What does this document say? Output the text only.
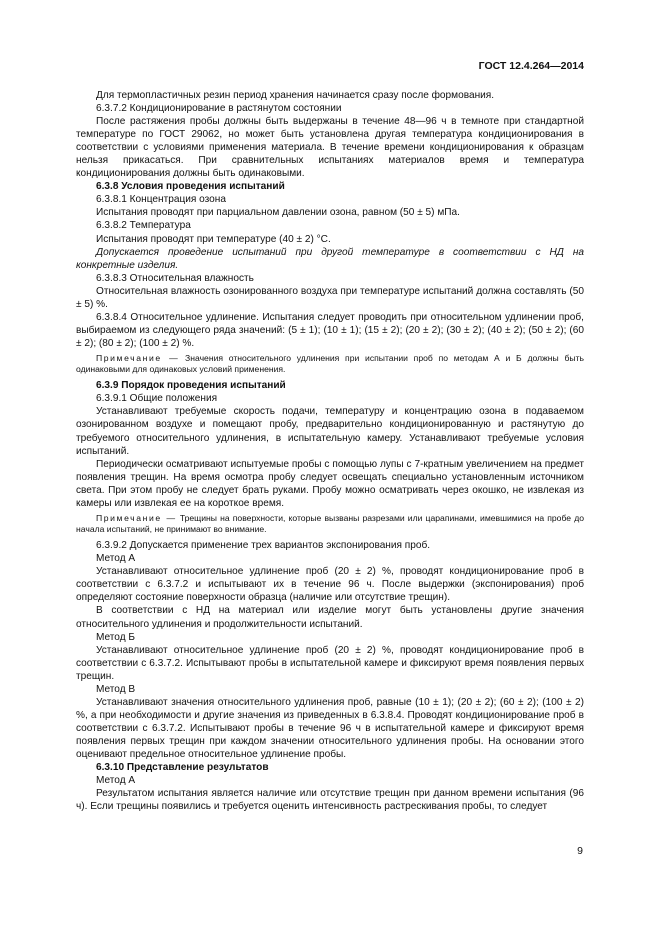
ГОСТ 12.4.264—2014

Для термопластичных резин период хранения начинается сразу после формования.

6.3.7.2 Кондиционирование в растянутом состоянии

После растяжения пробы должны быть выдержаны в течение 48—96 ч в темноте при стандартной температуре по ГОСТ 29062, но может быть установлена другая температура кондиционирования в соответствии с условиями применения материала. В течение времени кондиционирования к образцам нельзя прикасаться. При сравнительных испытаниях материалов время и температура кондиционирования должны быть одинаковыми.

6.3.8 Условия проведения испытаний

6.3.8.1 Концентрация озона

Испытания проводят при парциальном давлении озона, равном (50 ± 5) мПа.

6.3.8.2 Температура

Испытания проводят при температуре (40 ± 2) °С.

Допускается проведение испытаний при другой температуре в соответствии с НД на конкретные изделия.

6.3.8.3 Относительная влажность

Относительная влажность озонированного воздуха при температуре испытаний должна составлять (50 ± 5) %.

6.3.8.4 Относительное удлинение. Испытания следует проводить при относительном удлинении проб, выбираемом из следующего ряда значений: (5 ± 1); (10 ± 1); (15 ± 2); (20 ± 2); (30 ± 2); (40 ± 2); (50 ± 2); (60 ± 2); (80 ± 2); (100 ± 2) %.

Примечание — Значения относительного удлинения при испытании проб по методам А и Б должны быть одинаковыми для одинаковых условий применения.

6.3.9 Порядок проведения испытаний

6.3.9.1 Общие положения

Устанавливают требуемые скорость подачи, температуру и концентрацию озона в подаваемом озонированном воздухе и помещают пробу, предварительно кондиционированную и растянутую до требуемого относительного удлинения, в испытательную камеру. Устанавливают требуемые условия испытаний.

Периодически осматривают испытуемые пробы с помощью лупы с 7-кратным увеличением на предмет появления трещин. На время осмотра пробу следует освещать специально установленным источником света. При этом пробу не следует брать руками. Пробу можно осматривать через окошко, не извлекая из камеры или извлекая ее на короткое время.

Примечание — Трещины на поверхности, которые вызваны разрезами или царапинами, имевшимися на пробе до начала испытаний, не принимают во внимание.

6.3.9.2 Допускается применение трех вариантов экспонирования проб.

Метод А

Устанавливают относительное удлинение проб (20 ± 2) %, проводят кондиционирование проб в соответствии с 6.3.7.2 и испытывают их в течение 96 ч. После выдержки (экспонирования) проб определяют состояние поверхности образца (наличие или отсутствие трещин).

В соответствии с НД на материал или изделие могут быть установлены другие значения относительного удлинения и продолжительности испытаний.

Метод Б

Устанавливают относительное удлинение проб (20 ± 2) %, проводят кондиционирование проб в соответствии с 6.3.7.2. Испытывают пробы в испытательной камере и фиксируют время появления первых трещин.

Метод В

Устанавливают значения относительного удлинения проб, равные (10 ± 1); (20 ± 2); (60 ± 2); (100 ± 2) %, а при необходимости и другие значения из приведенных в 6.3.8.4. Проводят кондиционирование проб в соответствии с 6.3.7.2. Испытывают пробы в течение 96 ч в испытательной камере и фиксируют время появления первых трещин при каждом значении относительного удлинения пробы. На основании этого оценивают предельное относительное удлинение пробы.

6.3.10 Представление результатов

Метод А

Результатом испытания является наличие или отсутствие трещин при данном времени испытания (96 ч). Если трещины появились и требуется оценить интенсивность растрескивания пробы, то следует

9
